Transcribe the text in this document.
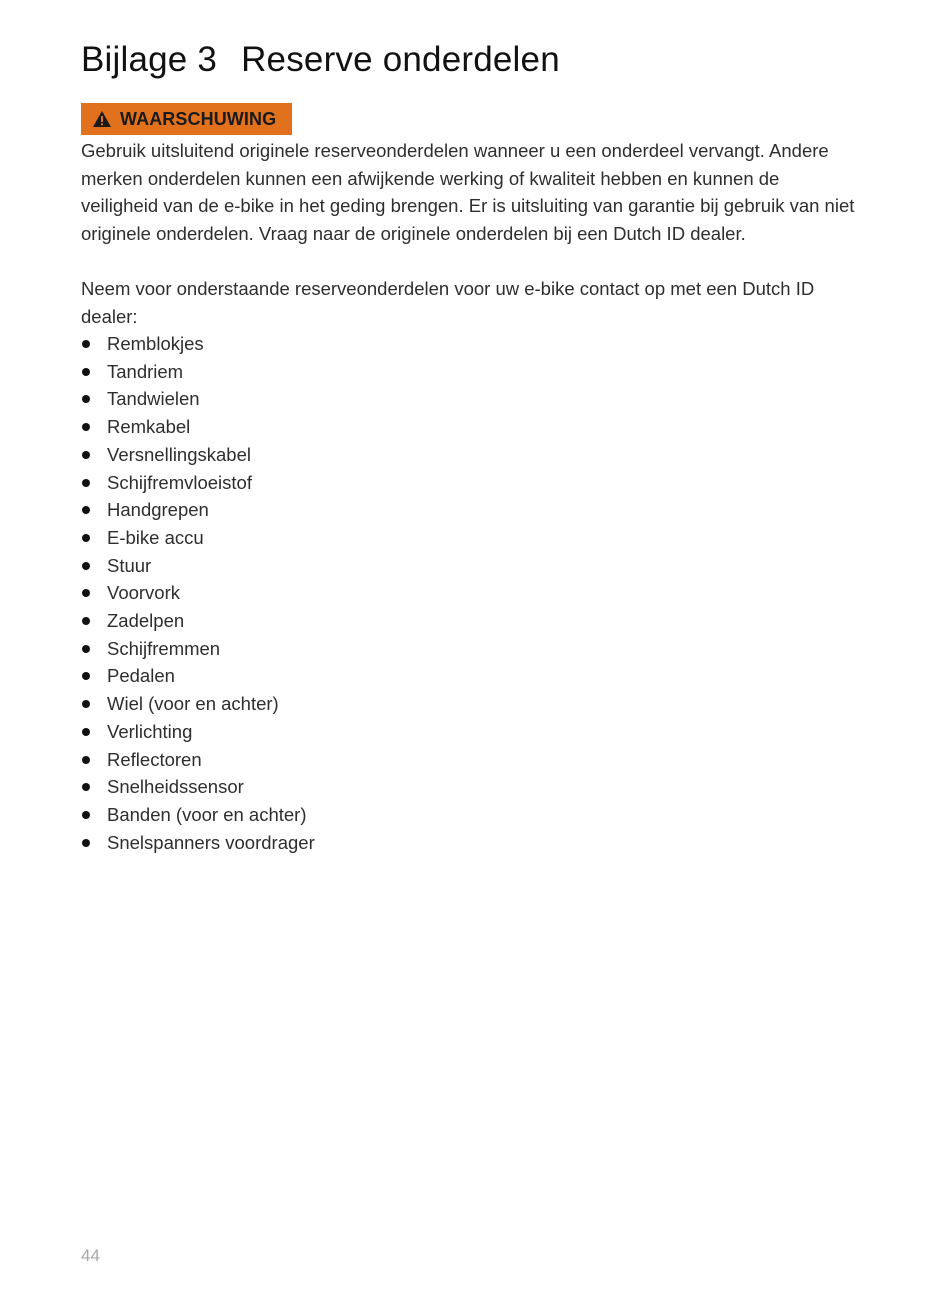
Bijlage 3 Reserve onderdelen
WAARSCHUWING

Gebruik uitsluitend originele reserveonderdelen wanneer u een onderdeel vervangt. Andere merken onderdelen kunnen een afwijkende werking of kwaliteit hebben en kunnen de veiligheid van de e-bike in het geding brengen. Er is uitsluiting van garantie bij gebruik van niet originele onderdelen. Vraag naar de originele onderdelen bij een Dutch ID dealer.

Neem voor onderstaande reserveonderdelen voor uw e-bike contact op met een Dutch ID dealer:

Remblokjes
Tandriem
Tandwielen
Remkabel
Versnellingskabel
Schijfremvloeistof
Handgrepen
E-bike accu
Stuur
Voorvork
Zadelpen
Schijfremmen
Pedalen
Wiel (voor en achter)
Verlichting
Reflectoren
Snelheidssensor
Banden (voor en achter)
Snelspanners voordrager
44
